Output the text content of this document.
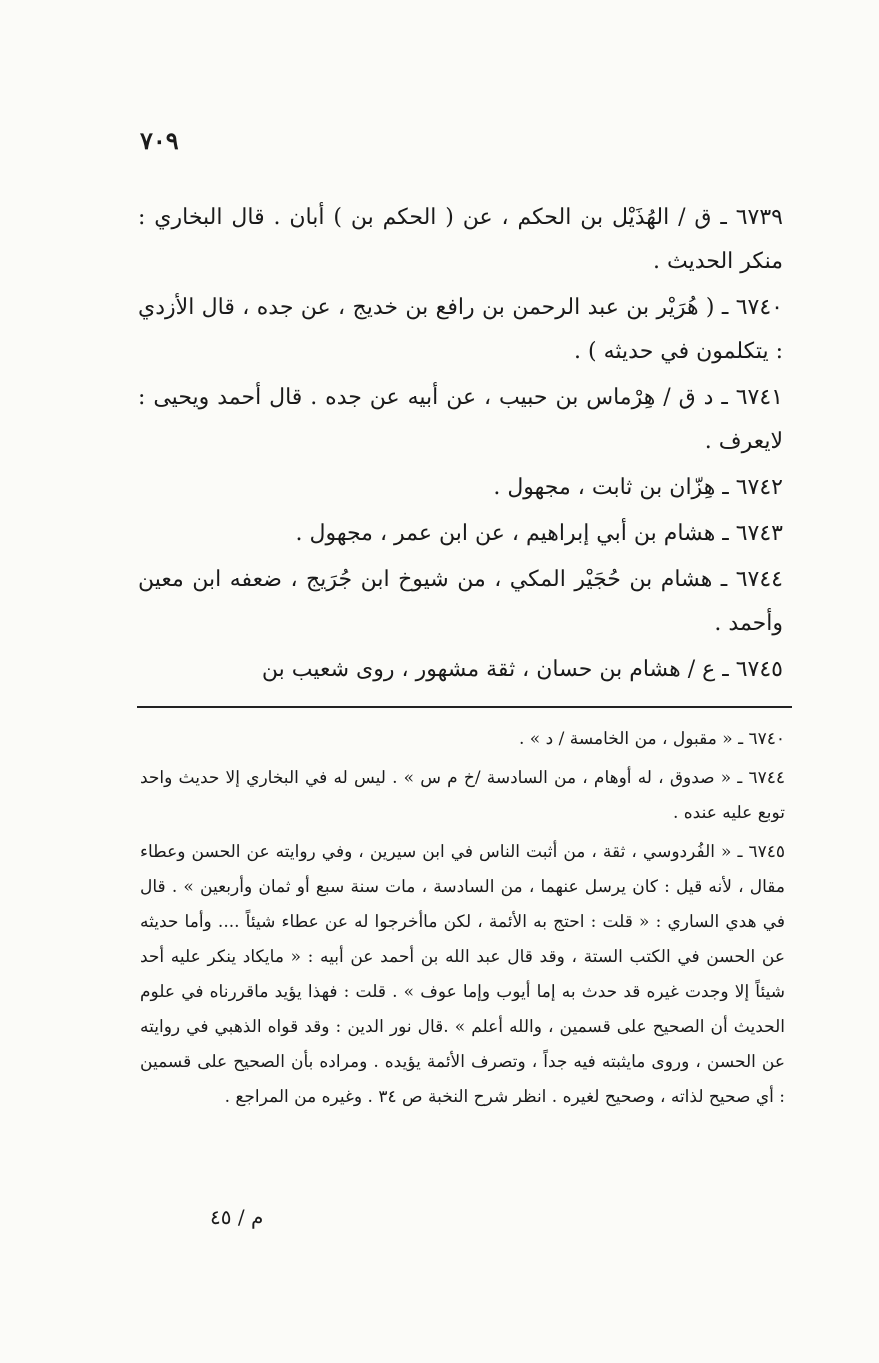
٧٠٩

٦٧٣٩ ـ ق / الهُذَيْل بن الحكم ، عن ( الحكم بن ) أبان . قال البخاري : منكر الحديث .

٦٧٤٠ ـ ( هُرَيْر بن عبد الرحمن بن رافع بن خديج ، عن جده ، قال الأزدي : يتكلمون في حديثه ) .

٦٧٤١ ـ د ق / هِرْماس بن حبيب ، عن أبيه عن جده . قال أحمد ويحيى : لايعرف .

٦٧٤٢ ـ هِزّان بن ثابت ، مجهول .

٦٧٤٣ ـ هشام بن أبي إبراهيم ، عن ابن عمر ، مجهول .

٦٧٤٤ ـ هشام بن حُجَيْر المكي ، من شيوخ ابن جُرَيج ، ضعفه ابن معين وأحمد .

٦٧٤٥ ـ ع / هشام بن حسان ، ثقة مشهور ، روى شعيب بن

٦٧٤٠ ـ « مقبول ، من الخامسة / د » .

٦٧٤٤ ـ « صدوق ، له أوهام ، من السادسة /خ م س » . ليس له في البخاري إلا حديث واحد توبع عليه عنده .

٦٧٤٥ ـ « الفُردوسي ، ثقة ، من أثبت الناس في ابن سيرين ، وفي روايته عن الحسن وعطاء مقال ، لأنه قيل : كان يرسل عنهما ، من السادسة ، مات سنة سبع أو ثمان وأربعين » . قال في هدي الساري : « قلت : احتج به الأئمة ، لكن ماأخرجوا له عن عطاء شيئاً .... وأما حديثه عن الحسن في الكتب الستة ، وقد قال عبد الله بن أحمد عن أبيه : « مايكاد ينكر عليه أحد شيئاً إلا وجدت غيره قد حدث به إما أيوب وإما عوف » . قلت : فهذا يؤيد ماقررناه في علوم الحديث أن الصحيح على قسمين ، والله أعلم » .قال نور الدين : وقد قواه الذهبي في روايته عن الحسن ، وروى مايثبته فيه جداً ، وتصرف الأئمة يؤيده . ومراده بأن الصحيح على قسمين : أي صحيح لذاته ، وصحيح لغيره . انظر شرح النخبة ص ٣٤ . وغيره من المراجع .

م / ٤٥
